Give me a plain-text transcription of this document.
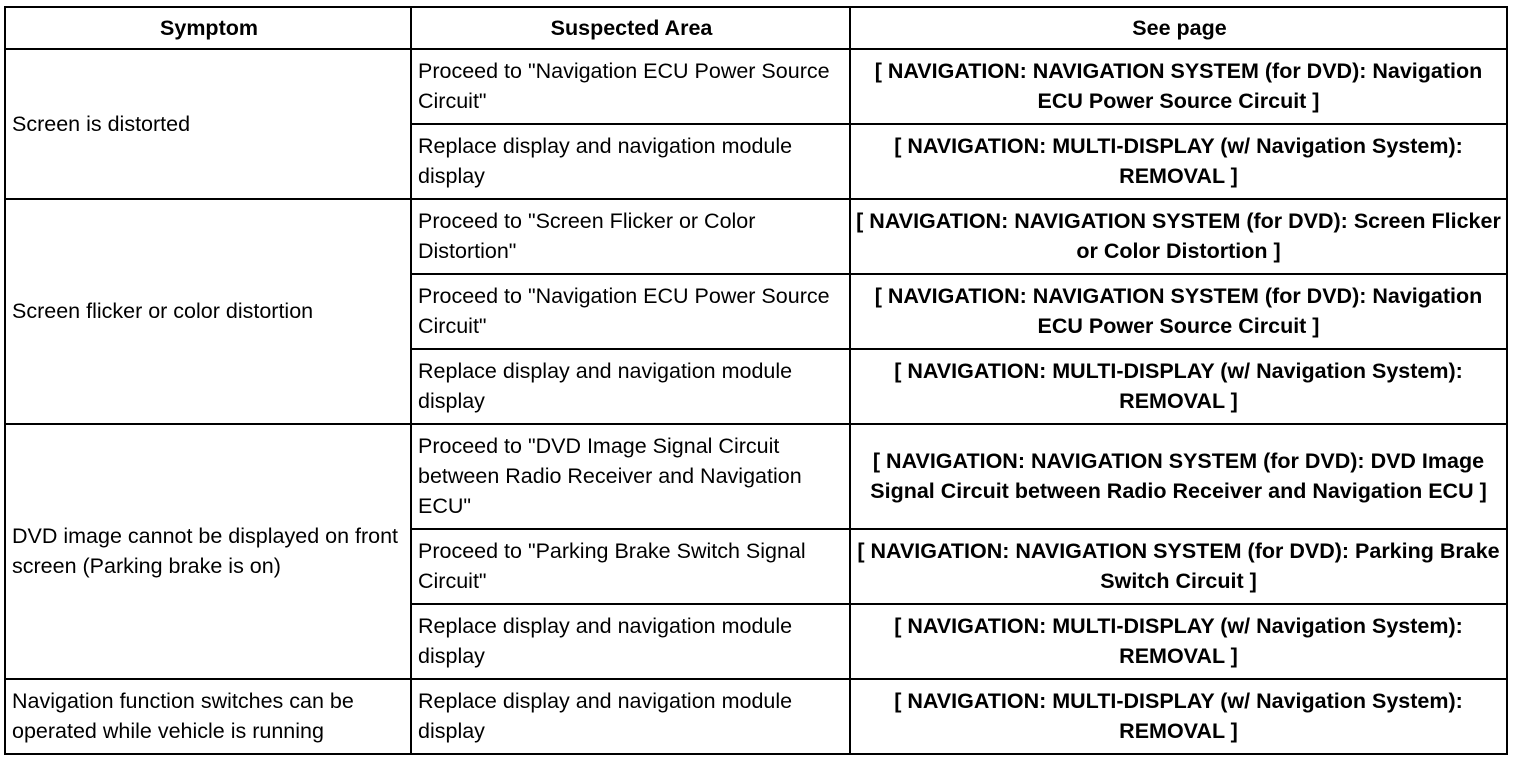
Symptom	Suspected Area	See page
Screen is distorted	Proceed to "Navigation ECU Power Source Circuit"	[ NAVIGATION: NAVIGATION SYSTEM (for DVD): Navigation ECU Power Source Circuit ]
	Replace display and navigation module display	[ NAVIGATION: MULTI-DISPLAY (w/ Navigation System): REMOVAL ]
Screen flicker or color distortion	Proceed to "Screen Flicker or Color Distortion"	[ NAVIGATION: NAVIGATION SYSTEM (for DVD): Screen Flicker or Color Distortion ]
	Proceed to "Navigation ECU Power Source Circuit"	[ NAVIGATION: NAVIGATION SYSTEM (for DVD): Navigation ECU Power Source Circuit ]
	Replace display and navigation module display	[ NAVIGATION: MULTI-DISPLAY (w/ Navigation System): REMOVAL ]
DVD image cannot be displayed on front screen (Parking brake is on)	Proceed to "DVD Image Signal Circuit between Radio Receiver and Navigation ECU"	[ NAVIGATION: NAVIGATION SYSTEM (for DVD): DVD Image Signal Circuit between Radio Receiver and Navigation ECU ]
	Proceed to "Parking Brake Switch Signal Circuit"	[ NAVIGATION: NAVIGATION SYSTEM (for DVD): Parking Brake Switch Circuit ]
	Replace display and navigation module display	[ NAVIGATION: MULTI-DISPLAY (w/ Navigation System): REMOVAL ]
Navigation function switches can be operated while vehicle is running	Replace display and navigation module display	[ NAVIGATION: MULTI-DISPLAY (w/ Navigation System): REMOVAL ]
